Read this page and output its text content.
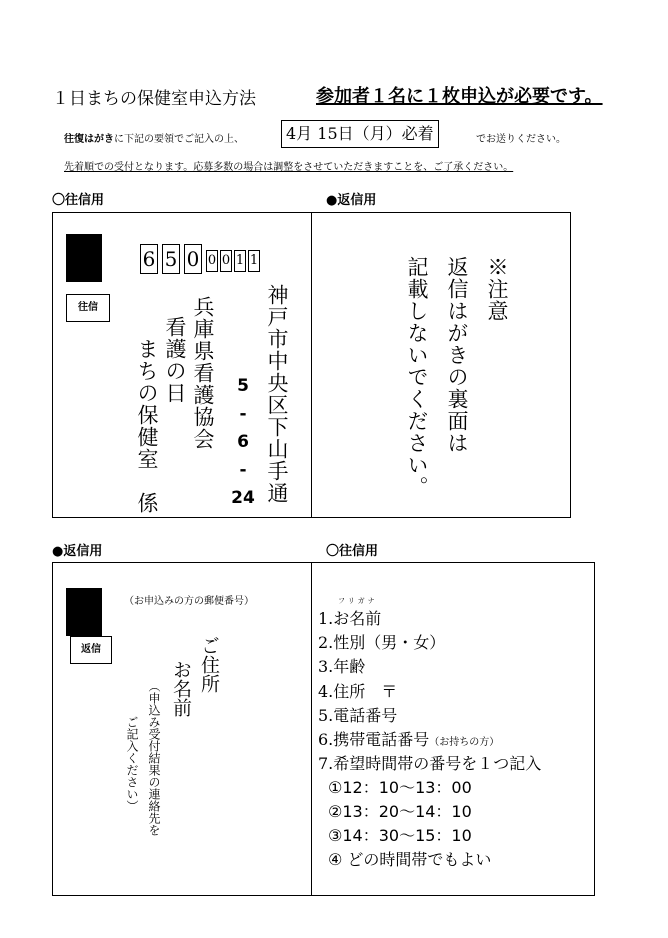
１日まちの保健室申込方法	参加者１名に１枚申込が必要です。
往復はがきに下記の要領でご記入の上、	4月 15日（月）必着	でお送りください。
先着順での受付となります。応募多数の場合は調整をさせていただきますことを、ご了承ください。
〇往信用	●返信用
往信
6 5 0 0 0 1 1
神戸市中央区下山手通
5
-
6
-
24
兵庫県看護協会
看護の日
まちの保健室　係
※注意
返信はがきの裏面は
記載しないでください。
●返信用	〇往信用
返信
（お申込みの方の郵便番号）
ご住所
お名前
（申込み受付結果の連絡先を
ご記入ください）
フリガナ
1.お名前
2.性別（男・女）
3.年齢
4.住所　〒
5.電話番号
6.携帯電話番号（お持ちの方）
7.希望時間帯の番号を１つ記入
①12：10～13：00
②13：20～14：10
③14：30～15：10
④ どの時間帯でもよい
